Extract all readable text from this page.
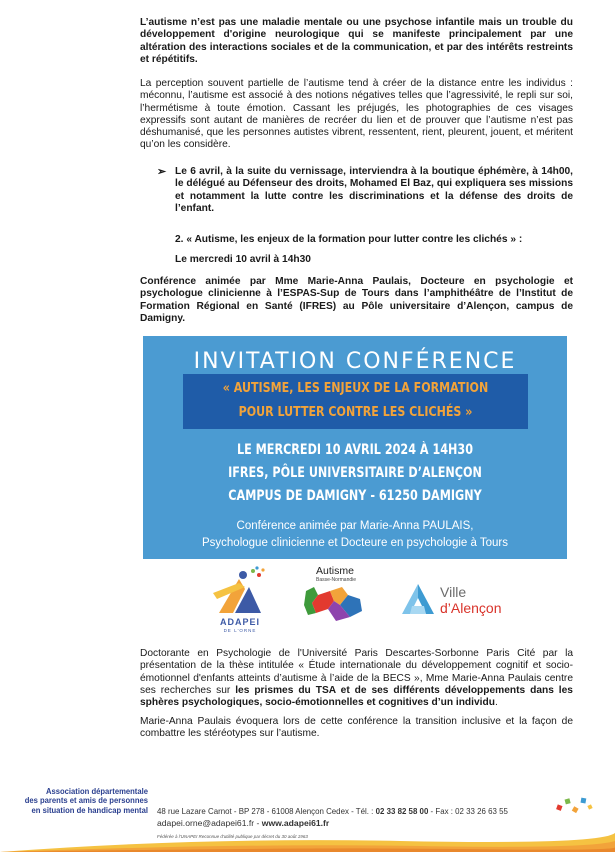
L’autisme n’est pas une maladie mentale ou une psychose infantile mais un trouble du développement d'origine neurologique qui se manifeste principalement par une altération des interactions sociales et de la communication, et par des intérêts restreints et répétitifs.

La perception souvent partielle de l’autisme tend à créer de la distance entre les individus : méconnu, l’autisme est associé à des notions négatives telles que l’agressivité, le repli sur soi, l’hermétisme à toute émotion. Cassant les préjugés, les photographies de ces visages expressifs sont autant de manières de recréer du lien et de prouver que l’autisme n’est pas déshumanisé, que les personnes autistes vibrent, ressentent, rient, pleurent, jouent, et méritent qu’on les considère.

➢ Le 6 avril, à la suite du vernissage, interviendra à la boutique éphémère, à 14h00, le délégué au Défenseur des droits, Mohamed El Baz, qui expliquera ses missions et notamment la lutte contre les discriminations et la défense des droits de l’enfant.

2. « Autisme, les enjeux de la formation pour lutter contre les clichés » :

Le mercredi 10 avril à 14h30

Conférence animée par Mme Marie-Anna Paulais, Docteure en psychologie et psychologue clinicienne à l’ESPAS-Sup de Tours dans l’amphithéâtre de l’Institut de Formation Régional en Santé (IFRES) au Pôle universitaire d’Alençon, campus de Damigny.

INVITATION CONFÉRENCE
« AUTISME, LES ENJEUX DE LA FORMATION
POUR LUTTER CONTRE LES CLICHÉS »
LE MERCREDI 10 AVRIL 2024 À 14H30
IFRES, PÔLE UNIVERSITAIRE D’ALENÇON
CAMPUS DE DAMIGNY - 61250 DAMIGNY
Conférence animée par Marie-Anna PAULAIS,
Psychologue clinicienne et Docteure en psychologie à Tours
ADAPEI
DE L'ORNE
Autisme
Basse-Normandie
Ville
d’Alençon

Doctorante en Psychologie de l'Université Paris Descartes-Sorbonne Paris Cité par la présentation de la thèse intitulée « Étude internationale du développement cognitif et socio-émotionnel d'enfants atteints d’autisme à l’aide de la BECS », Mme Marie-Anna Paulais centre ses recherches sur les prismes du TSA et de ses différents développements dans les sphères psychologiques, socio-émotionnelles et cognitives d’un individu.

Marie-Anna Paulais évoquera lors de cette conférence la transition inclusive et la façon de combattre les stéréotypes sur l’autisme.

Association départementale
des parents et amis de personnes
en situation de handicap mental 48 rue Lazare Carnot - BP 278 - 61008 Alençon Cedex - Tél. : 02 33 82 58 00 - Fax : 02 33 26 63 55
adapei.orne@adapei61.fr - www.adapei61.fr
Fédérée à l'UNAPEI Reconnue d'utilité publique par décret du 30 août 1963
